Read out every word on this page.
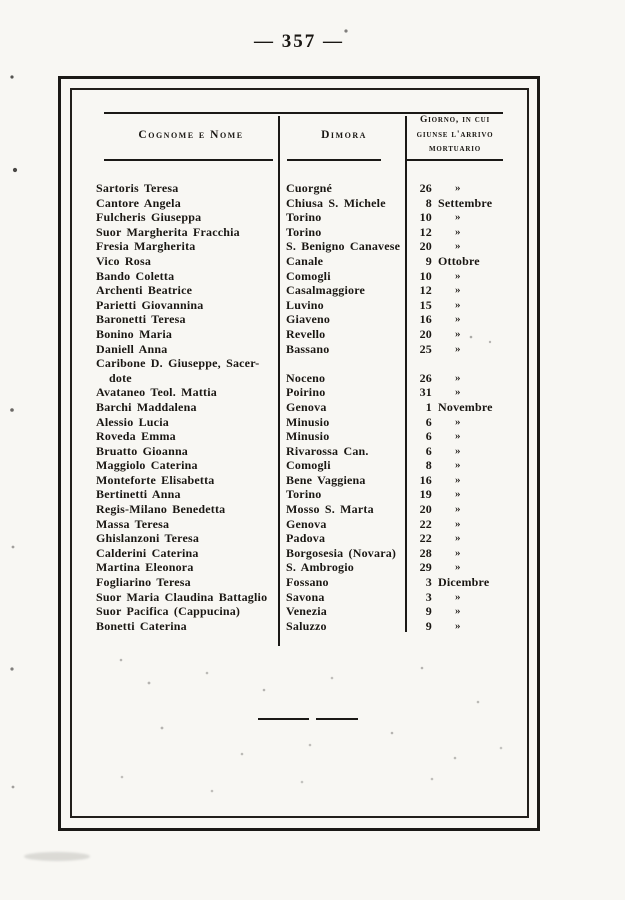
— 357 —
Cognome e Nome	Dimora
Giorno, in cui
giunse l'arrivo
mortuario
Sartoris Teresa	Cuorgné	26	»
Cantore Angela	Chiusa S. Michele	8 Settembre
Fulcheris Giuseppa	Torino	10	»
Suor Margherita Fracchia	Torino	12	»
Fresia Margherita	S. Benigno Canavese	20	»
Vico Rosa	Canale	9 Ottobre
Bando Coletta	Comogli	10	»
Archenti Beatrice	Casalmaggiore	12	»
Parietti Giovannina	Luvino	15	»
Baronetti Teresa	Giaveno	16	»
Bonino Maria	Revello	20	»
Daniell Anna	Bassano	25	»
Caribone D. Giuseppe, Sacer-
dote	Noceno	26	»
Avataneo Teol. Mattia	Poirino	31	»
Barchi Maddalena	Genova	1 Novembre
Alessio Lucia	Minusio	6	»
Roveda Emma	Minusio	6	»
Bruatto Gioanna	Rivarossa Can.	6	»
Maggiolo Caterina	Comogli	8	»
Monteforte Elisabetta	Bene Vaggiena	16	»
Bertinetti Anna	Torino	19	»
Regis-Milano Benedetta	Mosso S. Marta	20	»
Massa Teresa	Genova	22	»
Ghislanzoni Teresa	Padova	22	»
Calderini Caterina	Borgosesia (Novara)	28	»
Martina Eleonora	S. Ambrogio	29	»
Fogliarino Teresa	Fossano	3 Dicembre
Suor Maria Claudina Battaglio	Savona	3	»
Suor Pacifica (Cappucina)	Venezia	9	»
Bonetti Caterina	Saluzzo	9	»
